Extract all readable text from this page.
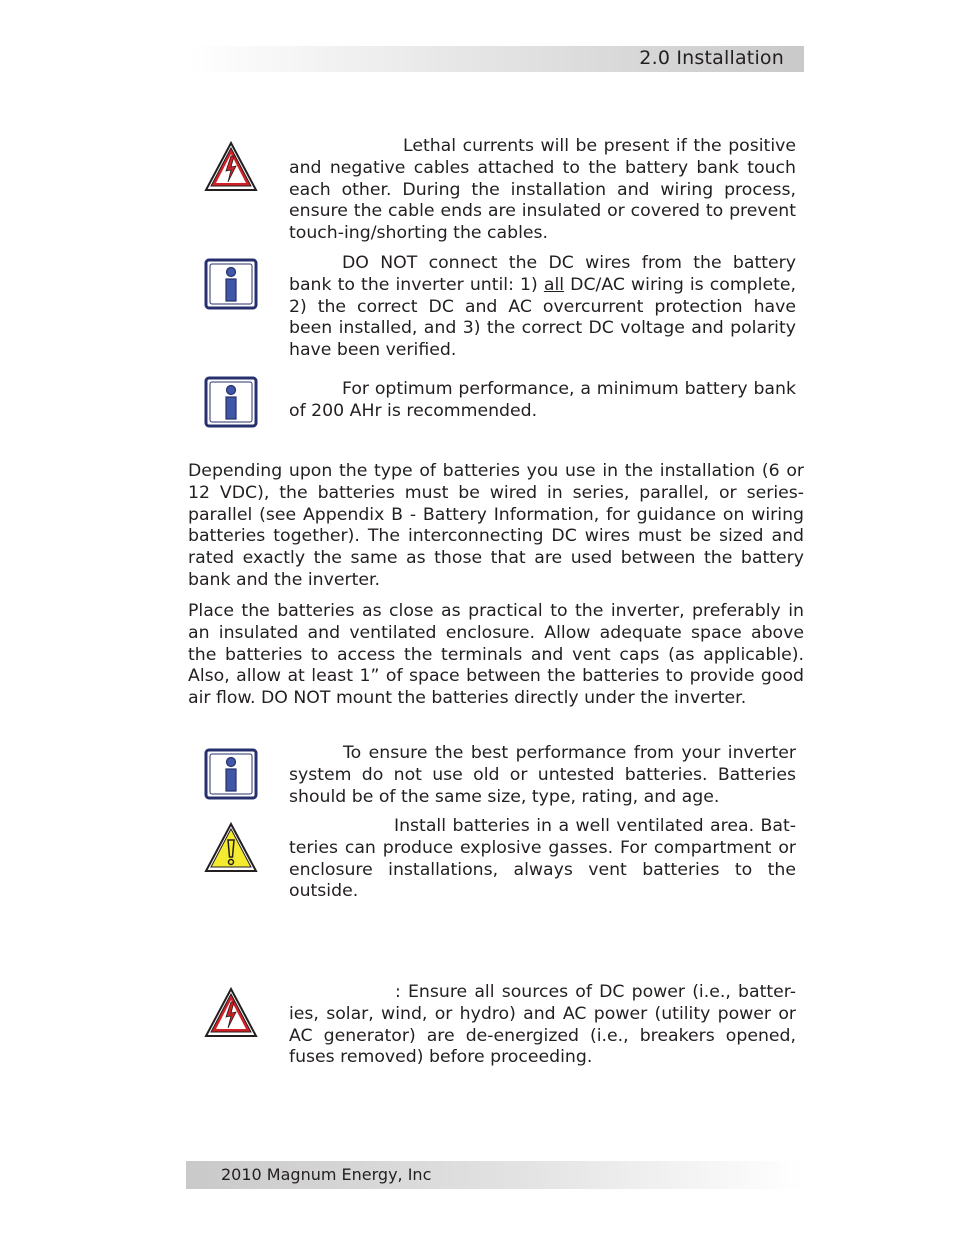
2.0 Installation
Lethal currents will be present if the positive and negative cables attached to the battery bank touch each other. During the installation and wiring process, ensure the cable ends are insulated or covered to prevent touch-ing/shorting the cables.
DO NOT connect the DC wires from the battery bank to the inverter until: 1) all DC/AC wiring is complete, 2) the correct DC and AC overcurrent protection have been installed, and 3) the correct DC voltage and polarity have been verified.
For optimum performance, a minimum battery bank of 200 AHr is recommended.
Depending upon the type of batteries you use in the installation (6 or 12 VDC), the batteries must be wired in series, parallel, or series-parallel (see Appendix B - Battery Information, for guidance on wiring batteries together). The interconnecting DC wires must be sized and rated exactly the same as those that are used between the battery bank and the inverter.
Place the batteries as close as practical to the inverter, preferably in an insulated and ventilated enclosure. Allow adequate space above the batteries to access the terminals and vent caps (as applicable). Also, allow at least 1” of space between the batteries to provide good air flow. DO NOT mount the batteries directly under the inverter.
To ensure the best performance from your inverter system do not use old or untested batteries. Batteries should be of the same size, type, rating, and age.
Install batteries in a well ventilated area. Bat-teries can produce explosive gasses. For compartment or enclosure installations, always vent batteries to the outside.
: Ensure all sources of DC power (i.e., batter-ies, solar, wind, or hydro) and AC power (utility power or AC generator) are de-energized (i.e., breakers opened, fuses removed) before proceeding.
2010 Magnum Energy, Inc
